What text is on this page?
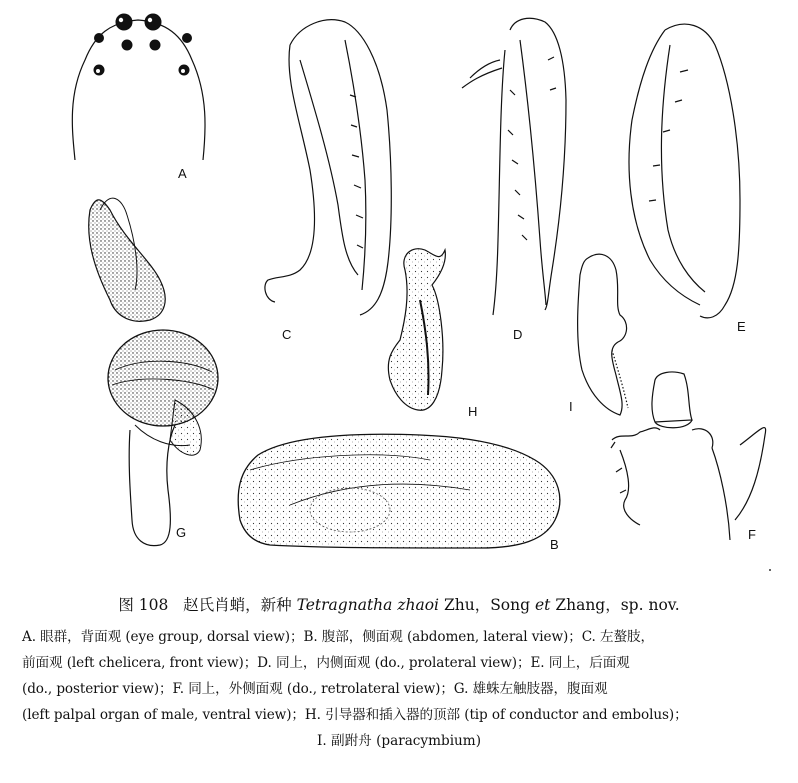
A
C	D
E
H	I
G
B
F
图 108 赵氏肖蛸，新种 Tetragnatha zhaoi Zhu，Song et Zhang，sp. nov.
A. 眼群，背面观 (eye group, dorsal view)；B. 腹部，侧面观 (abdomen, lateral view)；C. 左螯肢，
前面观 (left chelicera, front view)；D. 同上，内侧面观 (do., prolateral view)；E. 同上，后面观
(do., posterior view)；F. 同上，外侧面观 (do., retrolateral view)；G. 雄蛛左触肢器，腹面观
(left palpal organ of male, ventral view)；H. 引导器和插入器的顶部 (tip of conductor and embolus)；
I. 副跗舟 (paracymbium)
